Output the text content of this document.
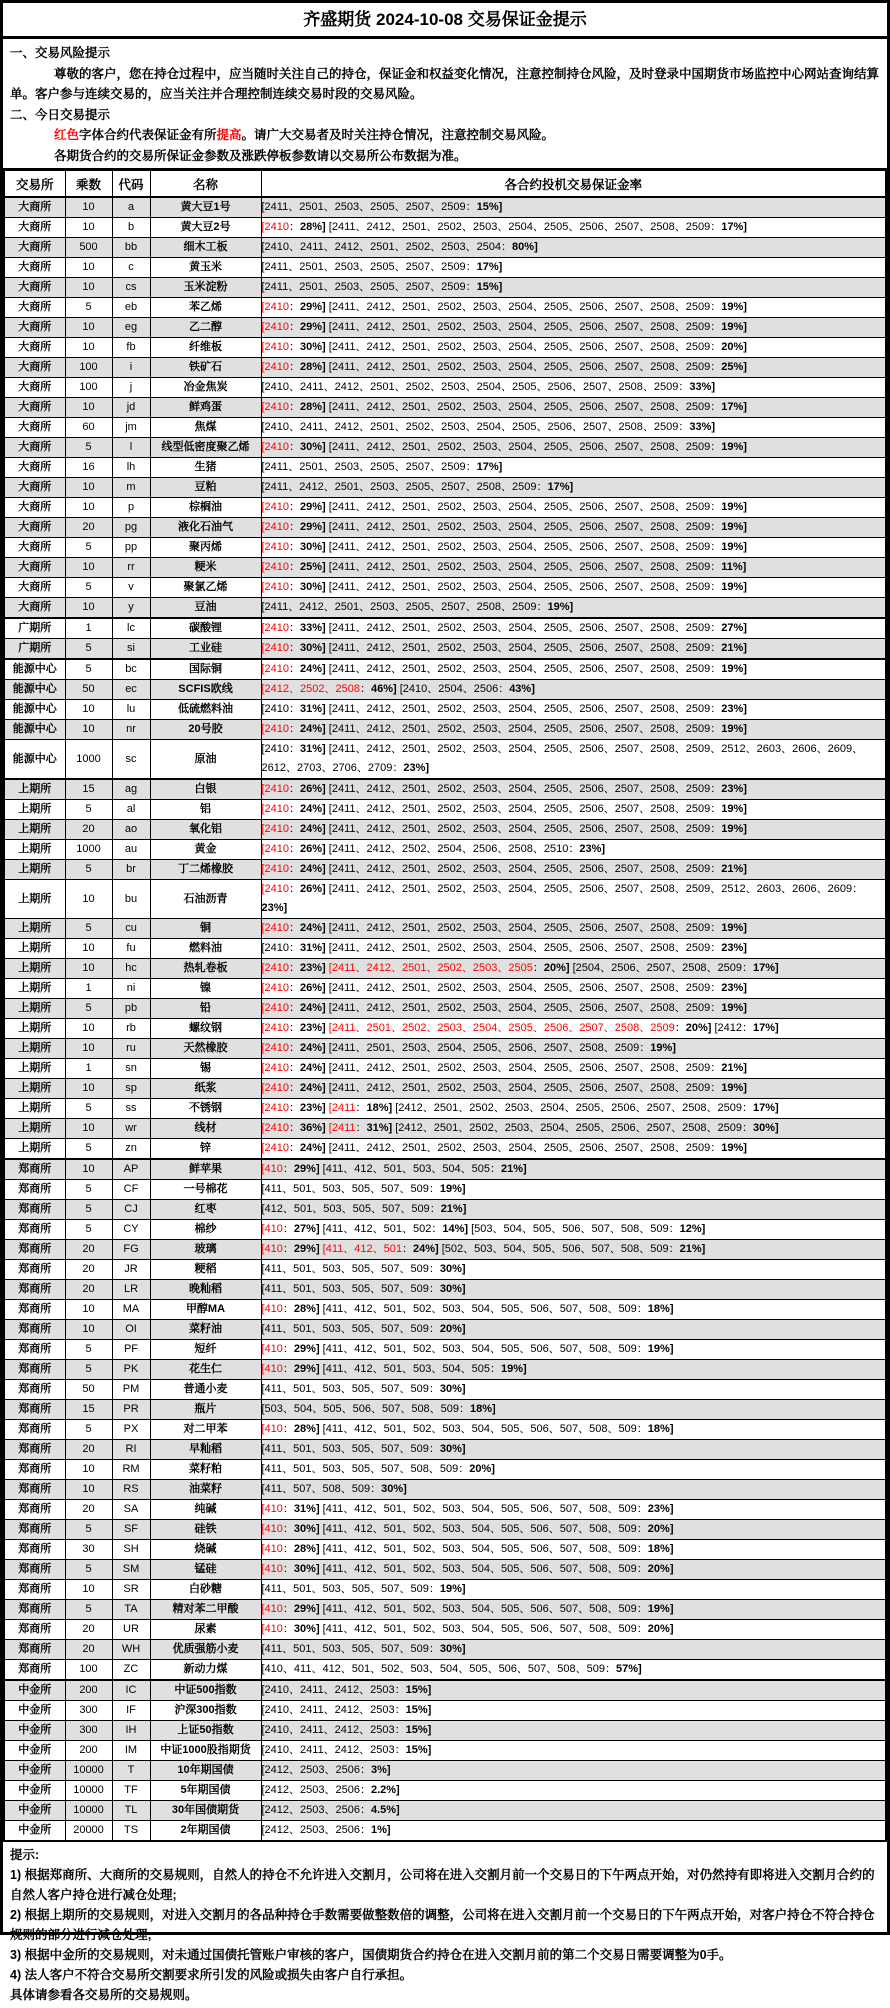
齐盛期货 2024-10-08 交易保证金提示
一、交易风险提示
尊敬的客户，您在持仓过程中，应当随时关注自己的持仓，保证金和权益变化情况，注意控制持仓风险，及时登录中国期货市场监控中心网站查询结算单。客户参与连续交易的，应当关注并合理控制连续交易时段的交易风险。
二、今日交易提示
红色字体合约代表保证金有所提高。请广大交易者及时关注持仓情况，注意控制交易风险。
各期货合约的交易所保证金参数及涨跌停板参数请以交易所公布数据为准。
交易所	乘数	代码	名称	各合约投机交易保证金率
大商所	10	a	黄大豆1号	[2411、2501、2503、2505、2507、2509：15%]
大商所	10	b	黄大豆2号	[2410：28%] [2411、2412、2501、2502、2503、2504、2505、2506、2507、2508、2509：17%]
大商所	500	bb	细木工板	[2410、2411、2412、2501、2502、2503、2504：80%]
大商所	10	c	黄玉米	[2411、2501、2503、2505、2507、2509：17%]
大商所	10	cs	玉米淀粉	[2411、2501、2503、2505、2507、2509：15%]
大商所	5	eb	苯乙烯	[2410：29%] [2411、2412、2501、2502、2503、2504、2505、2506、2507、2508、2509：19%]
大商所	10	eg	乙二醇	[2410：29%] [2411、2412、2501、2502、2503、2504、2505、2506、2507、2508、2509：19%]
大商所	10	fb	纤维板	[2410：30%] [2411、2412、2501、2502、2503、2504、2505、2506、2507、2508、2509：20%]
大商所	100	i	铁矿石	[2410：28%] [2411、2412、2501、2502、2503、2504、2505、2506、2507、2508、2509：25%]
大商所	100	j	冶金焦炭	[2410、2411、2412、2501、2502、2503、2504、2505、2506、2507、2508、2509：33%]
大商所	10	jd	鲜鸡蛋	[2410：28%] [2411、2412、2501、2502、2503、2504、2505、2506、2507、2508、2509：17%]
大商所	60	jm	焦煤	[2410、2411、2412、2501、2502、2503、2504、2505、2506、2507、2508、2509：33%]
大商所	5	l	线型低密度聚乙烯	[2410：30%] [2411、2412、2501、2502、2503、2504、2505、2506、2507、2508、2509：19%]
大商所	16	lh	生猪	[2411、2501、2503、2505、2507、2509：17%]
大商所	10	m	豆粕	[2411、2412、2501、2503、2505、2507、2508、2509：17%]
大商所	10	p	棕榈油	[2410：29%] [2411、2412、2501、2502、2503、2504、2505、2506、2507、2508、2509：19%]
大商所	20	pg	液化石油气	[2410：29%] [2411、2412、2501、2502、2503、2504、2505、2506、2507、2508、2509：19%]
大商所	5	pp	聚丙烯	[2410：30%] [2411、2412、2501、2502、2503、2504、2505、2506、2507、2508、2509：19%]
大商所	10	rr	粳米	[2410：25%] [2411、2412、2501、2502、2503、2504、2505、2506、2507、2508、2509：11%]
大商所	5	v	聚氯乙烯	[2410：30%] [2411、2412、2501、2502、2503、2504、2505、2506、2507、2508、2509：19%]
大商所	10	y	豆油	[2411、2412、2501、2503、2505、2507、2508、2509：19%]
广期所	1	lc	碳酸锂	[2410：33%] [2411、2412、2501、2502、2503、2504、2505、2506、2507、2508、2509：27%]
广期所	5	si	工业硅	[2410：30%] [2411、2412、2501、2502、2503、2504、2505、2506、2507、2508、2509：21%]
能源中心	5	bc	国际铜	[2410：24%] [2411、2412、2501、2502、2503、2504、2505、2506、2507、2508、2509：19%]
能源中心	50	ec	SCFIS欧线	[2412、2502、2508：46%] [2410、2504、2506：43%]
能源中心	10	lu	低硫燃料油	[2410：31%] [2411、2412、2501、2502、2503、2504、2505、2506、2507、2508、2509：23%]
能源中心	10	nr	20号胶	[2410：24%] [2411、2412、2501、2502、2503、2504、2505、2506、2507、2508、2509：19%]
能源中心	1000	sc	原油	[2410：31%] [2411、2412、2501、2502、2503、2504、2505、2506、2507、2508、2509、2512、2603、2606、2609、2612、2703、2706、2709：23%]
上期所	15	ag	白银	[2410：26%] [2411、2412、2501、2502、2503、2504、2505、2506、2507、2508、2509：23%]
上期所	5	al	铝	[2410：24%] [2411、2412、2501、2502、2503、2504、2505、2506、2507、2508、2509：19%]
上期所	20	ao	氧化铝	[2410：24%] [2411、2412、2501、2502、2503、2504、2505、2506、2507、2508、2509：19%]
上期所	1000	au	黄金	[2410：26%] [2411、2412、2502、2504、2506、2508、2510：23%]
上期所	5	br	丁二烯橡胶	[2410：24%] [2411、2412、2501、2502、2503、2504、2505、2506、2507、2508、2509：21%]
上期所	10	bu	石油沥青	[2410：26%] [2411、2412、2501、2502、2503、2504、2505、2506、2507、2508、2509、2512、2603、2606、2609：23%]
上期所	5	cu	铜	[2410：24%] [2411、2412、2501、2502、2503、2504、2505、2506、2507、2508、2509：19%]
上期所	10	fu	燃料油	[2410：31%] [2411、2412、2501、2502、2503、2504、2505、2506、2507、2508、2509：23%]
上期所	10	hc	热轧卷板	[2410：23%] [2411、2412、2501、2502、2503、2505：20%] [2504、2506、2507、2508、2509：17%]
上期所	1	ni	镍	[2410：26%] [2411、2412、2501、2502、2503、2504、2505、2506、2507、2508、2509：23%]
上期所	5	pb	铅	[2410：24%] [2411、2412、2501、2502、2503、2504、2505、2506、2507、2508、2509：19%]
上期所	10	rb	螺纹钢	[2410：23%] [2411、2501、2502、2503、2504、2505、2506、2507、2508、2509：20%] [2412：17%]
上期所	10	ru	天然橡胶	[2410：24%] [2411、2501、2503、2504、2505、2506、2507、2508、2509：19%]
上期所	1	sn	锡	[2410：24%] [2411、2412、2501、2502、2503、2504、2505、2506、2507、2508、2509：21%]
上期所	10	sp	纸浆	[2410：24%] [2411、2412、2501、2502、2503、2504、2505、2506、2507、2508、2509：19%]
上期所	5	ss	不锈钢	[2410：23%] [2411：18%] [2412、2501、2502、2503、2504、2505、2506、2507、2508、2509：17%]
上期所	10	wr	线材	[2410：36%] [2411：31%] [2412、2501、2502、2503、2504、2505、2506、2507、2508、2509：30%]
上期所	5	zn	锌	[2410：24%] [2411、2412、2501、2502、2503、2504、2505、2506、2507、2508、2509：19%]
郑商所	10	AP	鲜苹果	[410：29%] [411、412、501、503、504、505：21%]
郑商所	5	CF	一号棉花	[411、501、503、505、507、509：19%]
郑商所	5	CJ	红枣	[412、501、503、505、507、509：21%]
郑商所	5	CY	棉纱	[410：27%] [411、412、501、502：14%] [503、504、505、506、507、508、509：12%]
郑商所	20	FG	玻璃	[410：29%] [411、412、501：24%] [502、503、504、505、506、507、508、509：21%]
郑商所	20	JR	粳稻	[411、501、503、505、507、509：30%]
郑商所	20	LR	晚籼稻	[411、501、503、505、507、509：30%]
郑商所	10	MA	甲醇MA	[410：28%] [411、412、501、502、503、504、505、506、507、508、509：18%]
郑商所	10	OI	菜籽油	[411、501、503、505、507、509：20%]
郑商所	5	PF	短纤	[410：29%] [411、412、501、502、503、504、505、506、507、508、509：19%]
郑商所	5	PK	花生仁	[410：29%] [411、412、501、503、504、505：19%]
郑商所	50	PM	普通小麦	[411、501、503、505、507、509：30%]
郑商所	15	PR	瓶片	[503、504、505、506、507、508、509：18%]
郑商所	5	PX	对二甲苯	[410：28%] [411、412、501、502、503、504、505、506、507、508、509：18%]
郑商所	20	RI	早籼稻	[411、501、503、505、507、509：30%]
郑商所	10	RM	菜籽粕	[411、501、503、505、507、508、509：20%]
郑商所	10	RS	油菜籽	[411、507、508、509：30%]
郑商所	20	SA	纯碱	[410：31%] [411、412、501、502、503、504、505、506、507、508、509：23%]
郑商所	5	SF	硅铁	[410：30%] [411、412、501、502、503、504、505、506、507、508、509：20%]
郑商所	30	SH	烧碱	[410：28%] [411、412、501、502、503、504、505、506、507、508、509：18%]
郑商所	5	SM	锰硅	[410：30%] [411、412、501、502、503、504、505、506、507、508、509：20%]
郑商所	10	SR	白砂糖	[411、501、503、505、507、509：19%]
郑商所	5	TA	精对苯二甲酸	[410：29%] [411、412、501、502、503、504、505、506、507、508、509：19%]
郑商所	20	UR	尿素	[410：30%] [411、412、501、502、503、504、505、506、507、508、509：20%]
郑商所	20	WH	优质强筋小麦	[411、501、503、505、507、509：30%]
郑商所	100	ZC	新动力煤	[410、411、412、501、502、503、504、505、506、507、508、509：57%]
中金所	200	IC	中证500指数	[2410、2411、2412、2503：15%]
中金所	300	IF	沪深300指数	[2410、2411、2412、2503：15%]
中金所	300	IH	上证50指数	[2410、2411、2412、2503：15%]
中金所	200	IM	中证1000股指期货	[2410、2411、2412、2503：15%]
中金所	10000	T	10年期国债	[2412、2503、2506：3%]
中金所	10000	TF	5年期国债	[2412、2503、2506：2.2%]
中金所	10000	TL	30年国债期货	[2412、2503、2506：4.5%]
中金所	20000	TS	2年期国债	[2412、2503、2506：1%]
提示:
1) 根据郑商所、大商所的交易规则，自然人的持仓不允许进入交割月，公司将在进入交割月前一个交易日的下午两点开始，对仍然持有即将进入交割月合约的自然人客户持仓进行减仓处理;
2) 根据上期所的交易规则，对进入交割月的各品种持仓手数需要做整数倍的调整，公司将在进入交割月前一个交易日的下午两点开始，对客户持仓不符合持仓规则的部分进行减仓处理;
3) 根据中金所的交易规则，对未通过国债托管账户审核的客户，国债期货合约持仓在进入交割月前的第二个交易日需要调整为0手。
4) 法人客户不符合交易所交割要求所引发的风险或损失由客户自行承担。
具体请参看各交易所的交易规则。
